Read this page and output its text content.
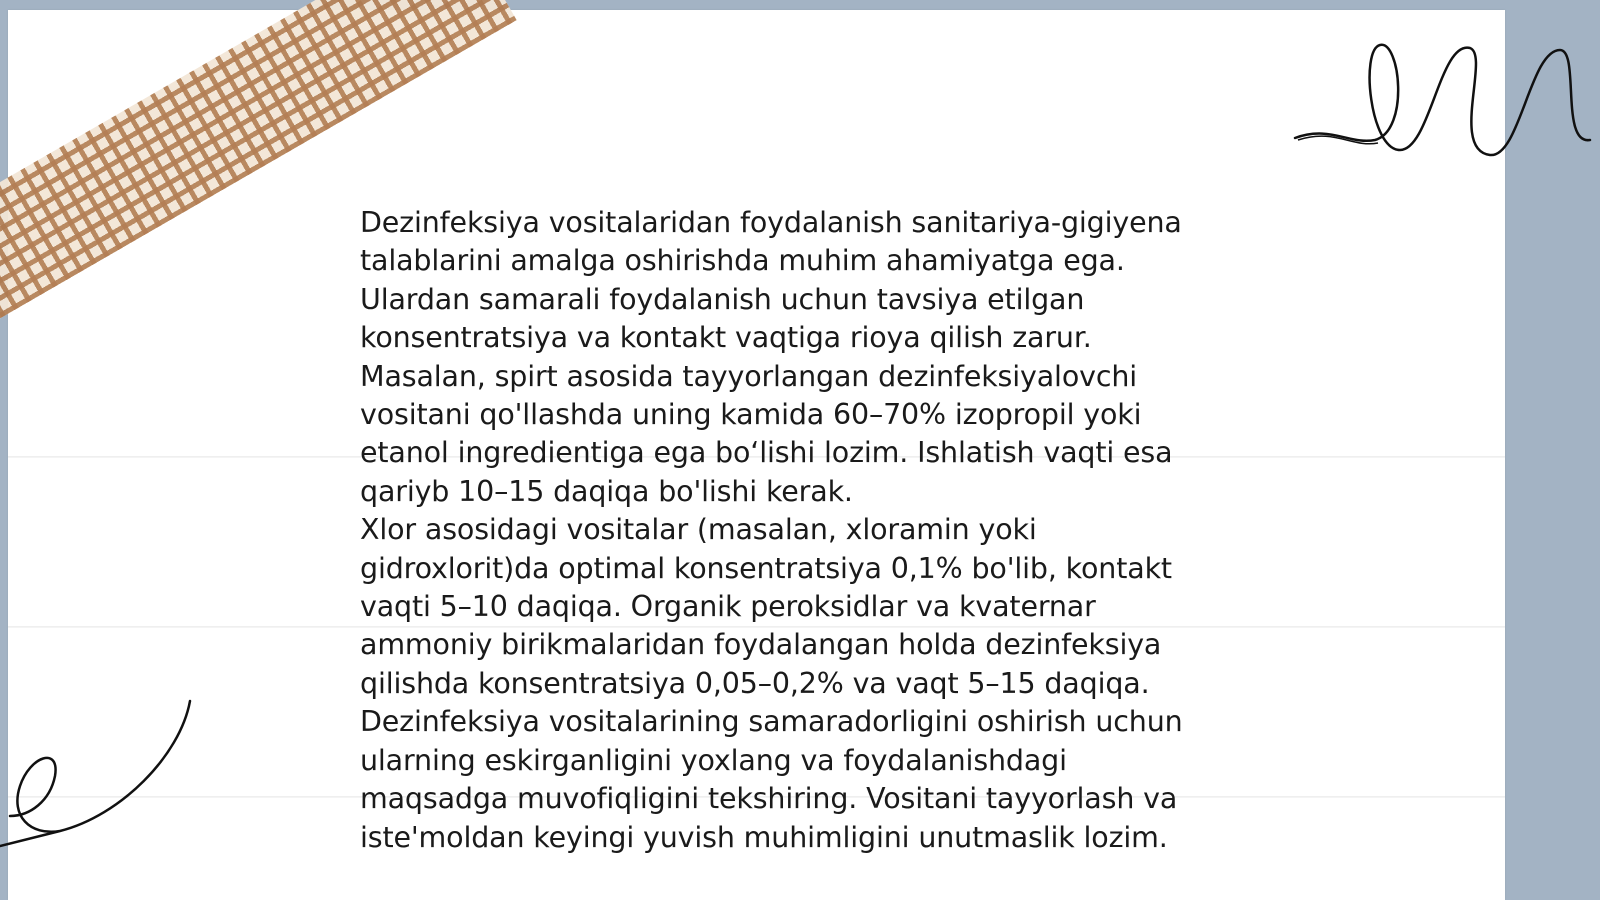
Dezinfeksiya vositalaridan foydalanish sanitariya-gigiyena

talablarini amalga oshirishda muhim ahamiyatga ega.

Ulardan samarali foydalanish uchun tavsiya etilgan

konsentratsiya va kontakt vaqtiga rioya qilish zarur.

Masalan, spirt asosida tayyorlangan dezinfeksiyalovchi

vositani qo'llashda uning kamida 60–70% izopropil yoki

etanol ingredientiga ega bo‘lishi lozim. Ishlatish vaqti esa

qariyb 10–15 daqiqa bo'lishi kerak.

Xlor asosidagi vositalar (masalan, xloramin yoki

gidroxlorit)da optimal konsentratsiya 0,1% bo'lib, kontakt

vaqti 5–10 daqiqa. Organik peroksidlar va kvaternar

ammoniy birikmalaridan foydalangan holda dezinfeksiya

qilishda konsentratsiya 0,05–0,2% va vaqt 5–15 daqiqa.

Dezinfeksiya vositalarining samaradorligini oshirish uchun

ularning eskirganligini yoxlang va foydalanishdagi

maqsadga muvofiqligini tekshiring. Vositani tayyorlash va

iste'moldan keyingi yuvish muhimligini unutmaslik lozim.
